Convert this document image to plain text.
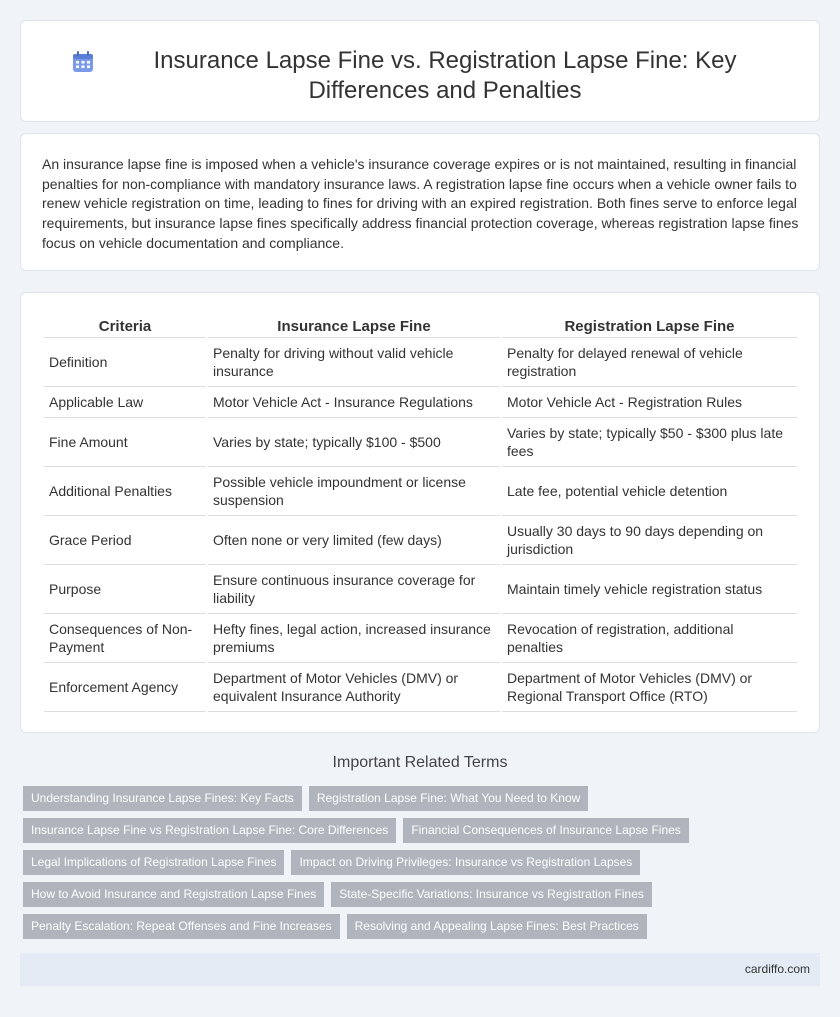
Insurance Lapse Fine vs. Registration Lapse Fine: Key Differences and Penalties

An insurance lapse fine is imposed when a vehicle's insurance coverage expires or is not maintained, resulting in financial penalties for non-compliance with mandatory insurance laws. A registration lapse fine occurs when a vehicle owner fails to renew vehicle registration on time, leading to fines for driving with an expired registration. Both fines serve to enforce legal requirements, but insurance lapse fines specifically address financial protection coverage, whereas registration lapse fines focus on vehicle documentation and compliance.

Criteria	Insurance Lapse Fine	Registration Lapse Fine
Definition	Penalty for driving without valid vehicle insurance	Penalty for delayed renewal of vehicle registration
Applicable Law	Motor Vehicle Act - Insurance Regulations	Motor Vehicle Act - Registration Rules
Fine Amount	Varies by state; typically $100 - $500	Varies by state; typically $50 - $300 plus late fees
Additional Penalties	Possible vehicle impoundment or license suspension	Late fee, potential vehicle detention
Grace Period	Often none or very limited (few days)	Usually 30 days to 90 days depending on jurisdiction
Purpose	Ensure continuous insurance coverage for liability	Maintain timely vehicle registration status
Consequences of Non-Payment	Hefty fines, legal action, increased insurance premiums	Revocation of registration, additional penalties
Enforcement Agency	Department of Motor Vehicles (DMV) or equivalent Insurance Authority	Department of Motor Vehicles (DMV) or Regional Transport Office (RTO)
Important Related Terms
Understanding Insurance Lapse Fines: Key Facts	Registration Lapse Fine: What You Need to Know
Insurance Lapse Fine vs Registration Lapse Fine: Core Differences	Financial Consequences of Insurance Lapse Fines
Legal Implications of Registration Lapse Fines	Impact on Driving Privileges: Insurance vs Registration Lapses
How to Avoid Insurance and Registration Lapse Fines	State-Specific Variations: Insurance vs Registration Fines
Penalty Escalation: Repeat Offenses and Fine Increases	Resolving and Appealing Lapse Fines: Best Practices
cardiffo.com
